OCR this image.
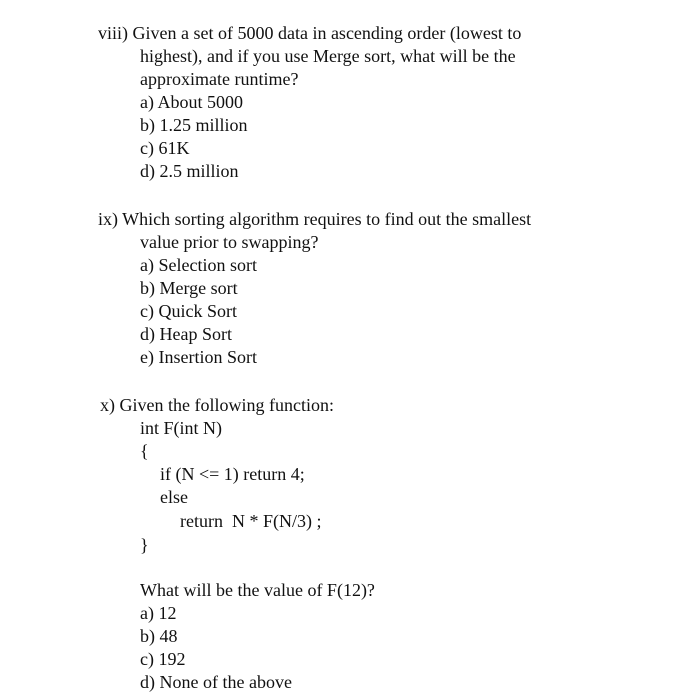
viii) Given a set of 5000 data in ascending order (lowest to
highest), and if you use Merge sort, what will be the
approximate runtime?
a) About 5000
b) 1.25 million
c) 61K
d) 2.5 million
ix) Which sorting algorithm requires to find out the smallest
value prior to swapping?
a) Selection sort
b) Merge sort
c) Quick Sort
d) Heap Sort
e) Insertion Sort
x) Given the following function:
int F(int N)
{
if (N <= 1) return 4;
else
return  N * F(N/3) ;
}
What will be the value of F(12)?
a) 12
b) 48
c) 192
d) None of the above
